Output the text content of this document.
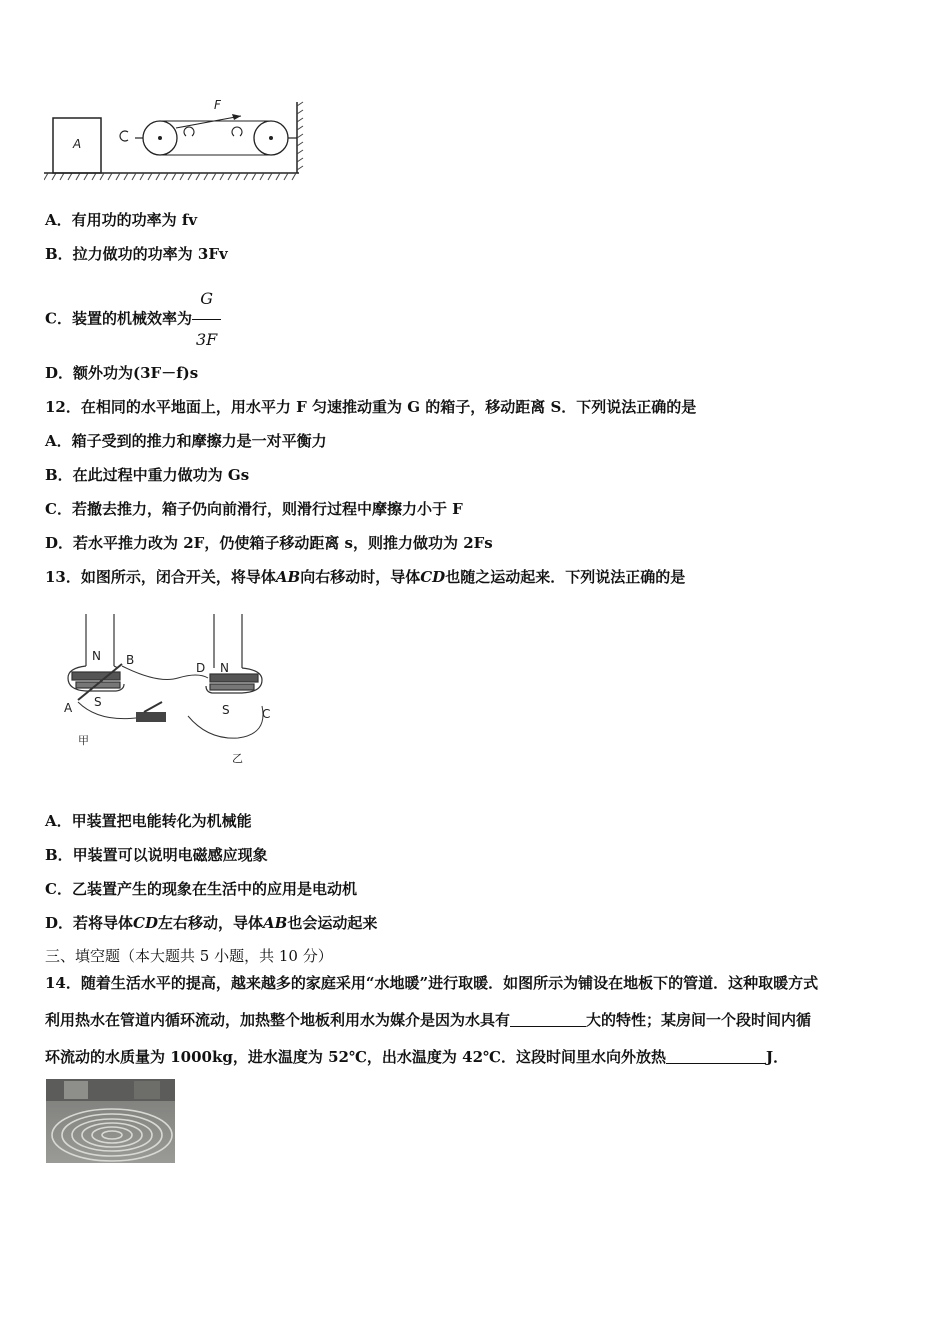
A
F
A．有用功的功率为 fv
B．拉力做功的功率为 3Fv
C．装置的机械效率为 $\frac{G}{3F}$
D．额外功为(3F－f)s
12．在相同的水平地面上，用水平力 F 匀速推动重为 G 的箱子，移动距离 S．下列说法正确的是
A．箱子受到的推力和摩擦力是一对平衡力
B．在此过程中重力做功为 Gs
C．若撤去推力，箱子仍向前滑行，则滑行过程中摩擦力小于 F
D．若水平推力改为 2F，仍使箱子移动距离 s，则推力做功为 2Fs
13．如图所示，闭合开关，将导体AB向右移动时，导体CD也随之运动起来．下列说法正确的是
N
S
B
A
D N
S	C
甲
乙
A．甲装置把电能转化为机械能
B．甲装置可以说明电磁感应现象
C．乙装置产生的现象在生活中的应用是电动机
D．若将导体CD左右移动，导体AB也会运动起来
三、填空题（本大题共 5 小题，共 10 分）
14．随着生活水平的提高，越来越多的家庭采用“水地暖”进行取暖．如图所示为铺设在地板下的管道．这种取暖方式
利用热水在管道内循环流动，加热整个地板利用水为媒介是因为水具有	大的特性；某房间一个段时间内循
环流动的水质量为 1000kg，进水温度为 52℃，出水温度为 42℃．这段时间里水向外放热	J．
